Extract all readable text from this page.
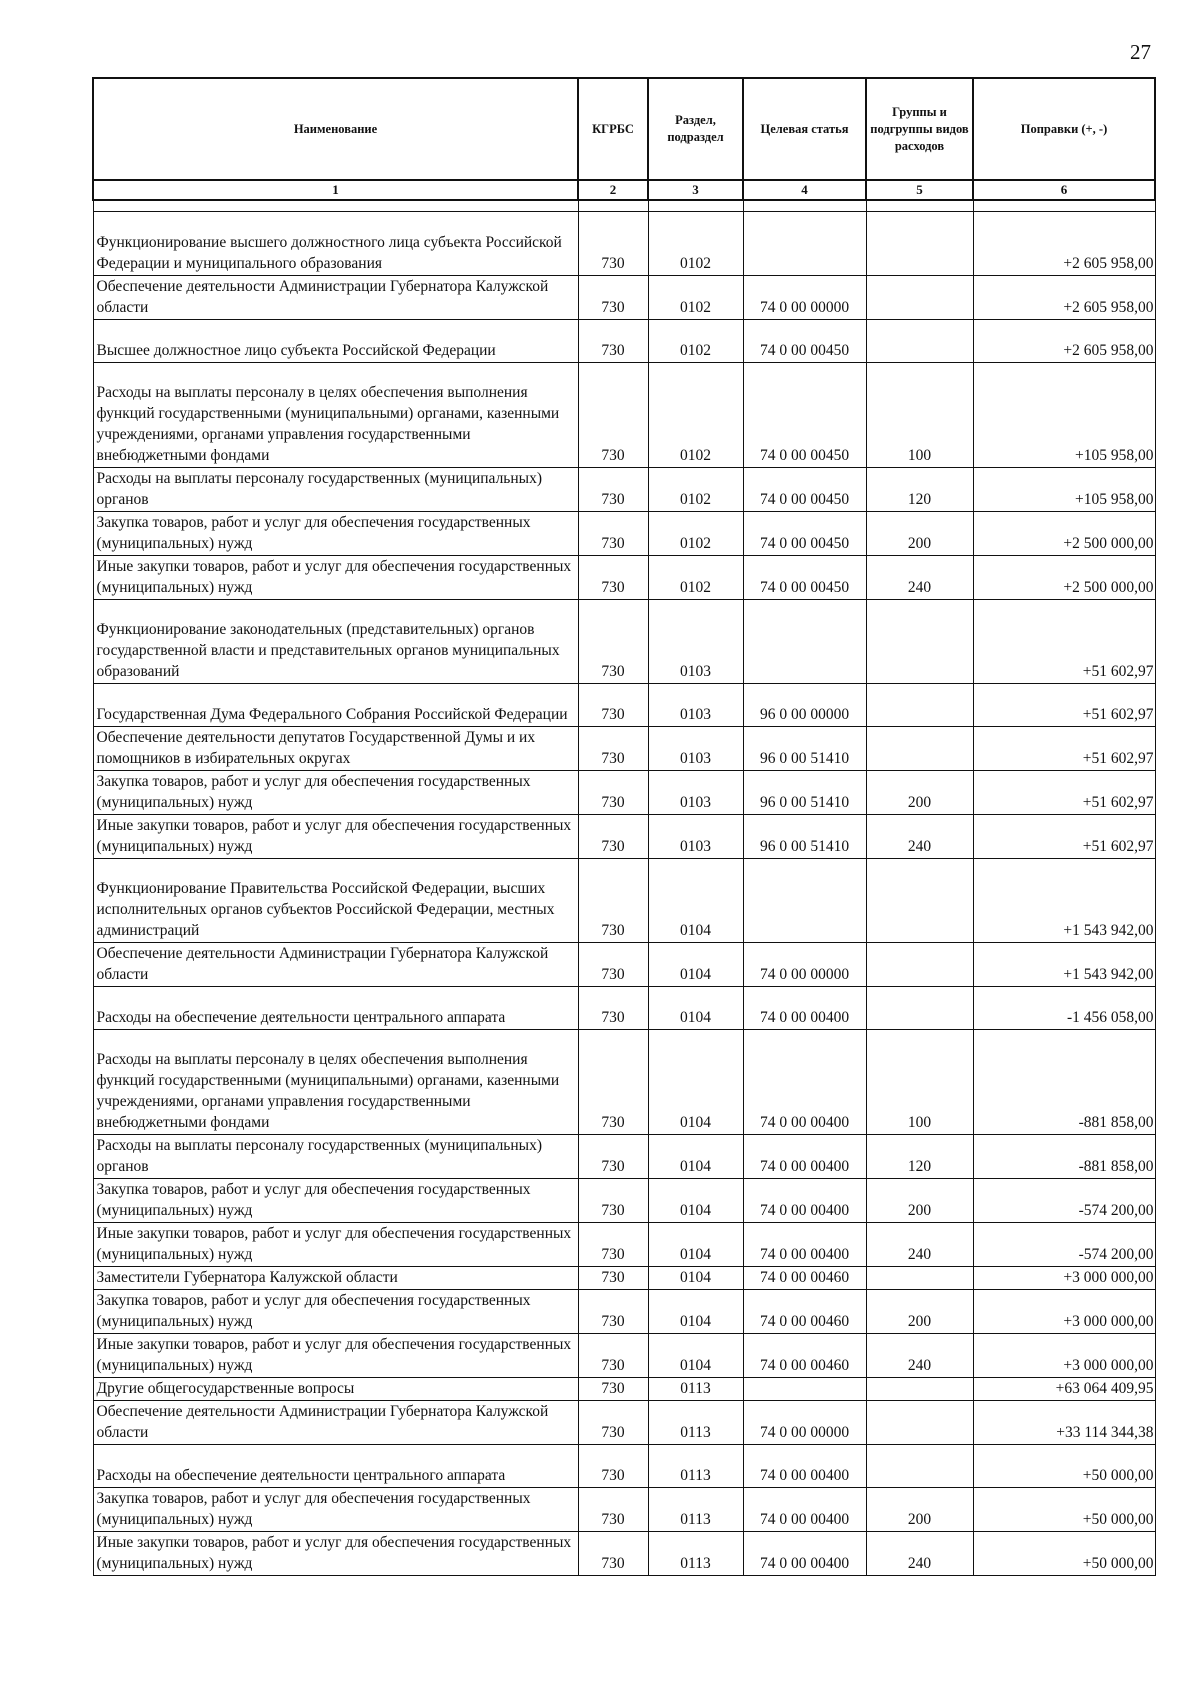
27
Наименование	КГРБС	Раздел, подраздел	Целевая статья	Группы и подгруппы видов расходов	Поправки (+, -)
1	2	3	4	5	6

Функционирование высшего должностного лица субъекта Российской Федерации и муниципального образования	730	0102			+2 605 958,00
Обеспечение деятельности Администрации Губернатора Калужской области	730	0102	74 0 00 00000		+2 605 958,00
Высшее должностное лицо субъекта Российской Федерации	730	0102	74 0 00 00450		+2 605 958,00
Расходы на выплаты персоналу в целях обеспечения выполнения функций государственными (муниципальными) органами, казенными учреждениями, органами управления государственными внебюджетными фондами	730	0102	74 0 00 00450	100	+105 958,00
Расходы на выплаты персоналу государственных (муниципальных) органов	730	0102	74 0 00 00450	120	+105 958,00
Закупка товаров, работ и услуг для обеспечения государственных (муниципальных) нужд	730	0102	74 0 00 00450	200	+2 500 000,00
Иные закупки товаров, работ и услуг для обеспечения государственных (муниципальных) нужд	730	0102	74 0 00 00450	240	+2 500 000,00
Функционирование законодательных (представительных) органов государственной власти и представительных органов муниципальных образований	730	0103			+51 602,97
Государственная Дума Федерального Собрания Российской Федерации	730	0103	96 0 00 00000		+51 602,97
Обеспечение деятельности депутатов Государственной Думы и их помощников в избирательных округах	730	0103	96 0 00 51410		+51 602,97
Закупка товаров, работ и услуг для обеспечения государственных (муниципальных) нужд	730	0103	96 0 00 51410	200	+51 602,97
Иные закупки товаров, работ и услуг для обеспечения государственных (муниципальных) нужд	730	0103	96 0 00 51410	240	+51 602,97
Функционирование Правительства Российской Федерации, высших исполнительных органов субъектов Российской Федерации, местных администраций	730	0104			+1 543 942,00
Обеспечение деятельности Администрации Губернатора Калужской области	730	0104	74 0 00 00000		+1 543 942,00
Расходы на обеспечение деятельности центрального аппарата	730	0104	74 0 00 00400		-1 456 058,00
Расходы на выплаты персоналу в целях обеспечения выполнения функций государственными (муниципальными) органами, казенными учреждениями, органами управления государственными внебюджетными фондами	730	0104	74 0 00 00400	100	-881 858,00
Расходы на выплаты персоналу государственных (муниципальных) органов	730	0104	74 0 00 00400	120	-881 858,00
Закупка товаров, работ и услуг для обеспечения государственных (муниципальных) нужд	730	0104	74 0 00 00400	200	-574 200,00
Иные закупки товаров, работ и услуг для обеспечения государственных (муниципальных) нужд	730	0104	74 0 00 00400	240	-574 200,00
Заместители Губернатора Калужской области	730	0104	74 0 00 00460		+3 000 000,00
Закупка товаров, работ и услуг для обеспечения государственных (муниципальных) нужд	730	0104	74 0 00 00460	200	+3 000 000,00
Иные закупки товаров, работ и услуг для обеспечения государственных (муниципальных) нужд	730	0104	74 0 00 00460	240	+3 000 000,00
Другие общегосударственные вопросы	730	0113			+63 064 409,95
Обеспечение деятельности Администрации Губернатора Калужской области	730	0113	74 0 00 00000		+33 114 344,38
Расходы на обеспечение деятельности центрального аппарата	730	0113	74 0 00 00400		+50 000,00
Закупка товаров, работ и услуг для обеспечения государственных (муниципальных) нужд	730	0113	74 0 00 00400	200	+50 000,00
Иные закупки товаров, работ и услуг для обеспечения государственных (муниципальных) нужд	730	0113	74 0 00 00400	240	+50 000,00
